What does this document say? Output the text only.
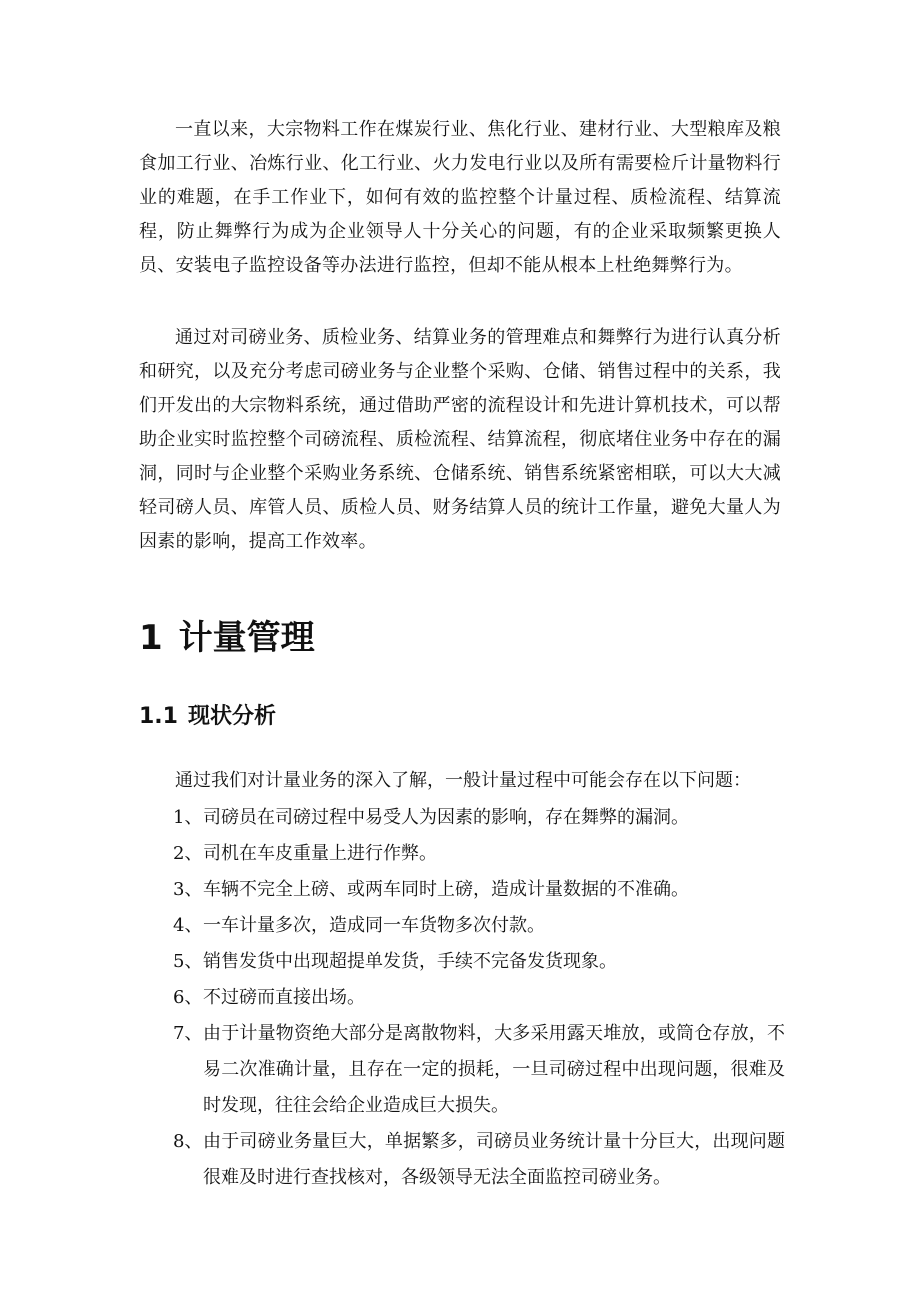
一直以来，大宗物料工作在煤炭行业、焦化行业、建材行业、大型粮库及粮食加工行业、冶炼行业、化工行业、火力发电行业以及所有需要检斤计量物料行业的难题，在手工作业下，如何有效的监控整个计量过程、质检流程、结算流程，防止舞弊行为成为企业领导人十分关心的问题，有的企业采取频繁更换人员、安装电子监控设备等办法进行监控，但却不能从根本上杜绝舞弊行为。

通过对司磅业务、质检业务、结算业务的管理难点和舞弊行为进行认真分析和研究，以及充分考虑司磅业务与企业整个采购、仓储、销售过程中的关系，我们开发出的大宗物料系统，通过借助严密的流程设计和先进计算机技术，可以帮助企业实时监控整个司磅流程、质检流程、结算流程，彻底堵住业务中存在的漏洞，同时与企业整个采购业务系统、仓储系统、销售系统紧密相联，可以大大减轻司磅人员、库管人员、质检人员、财务结算人员的统计工作量，避免大量人为因素的影响，提高工作效率。

1 计量管理
1.1 现状分析

通过我们对计量业务的深入了解，一般计量过程中可能会存在以下问题：

1、 司磅员在司磅过程中易受人为因素的影响，存在舞弊的漏洞。
2、 司机在车皮重量上进行作弊。
3、 车辆不完全上磅、或两车同时上磅，造成计量数据的不准确。
4、 一车计量多次，造成同一车货物多次付款。
5、 销售发货中出现超提单发货，手续不完备发货现象。
6、 不过磅而直接出场。
7、 由于计量物资绝大部分是离散物料，大多采用露天堆放，或筒仓存放，不易二次准确计量，且存在一定的损耗，一旦司磅过程中出现问题，很难及时发现，往往会给企业造成巨大损失。
8、 由于司磅业务量巨大，单据繁多，司磅员业务统计量十分巨大，出现问题很难及时进行查找核对，各级领导无法全面监控司磅业务。
